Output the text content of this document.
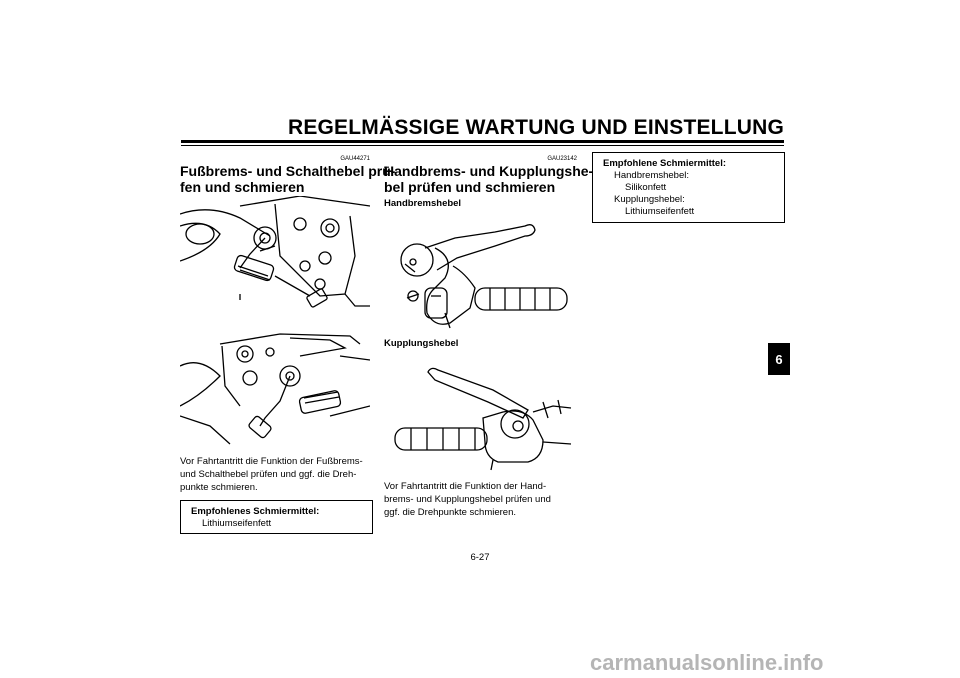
REGELMÄSSIGE WARTUNG UND EINSTELLUNG
GAU44271
Fußbrems- und Schalthebel prü-
fen und schmieren
Vor Fahrtantritt die Funktion der Fußbrems-
und Schalthebel prüfen und ggf. die Dreh-
punkte schmieren.
Empfohlenes Schmiermittel:
Lithiumseifenfett
GAU23142
Handbrems- und Kupplungshe-
bel prüfen und schmieren
Handbremshebel
Kupplungshebel
Vor Fahrtantritt die Funktion der Hand-
brems- und Kupplungshebel prüfen und
ggf. die Drehpunkte schmieren.
Empfohlene Schmiermittel:
Handbremshebel:
Silikonfett
Kupplungshebel:
Lithiumseifenfett
6
6-27
carmanualsonline.info
